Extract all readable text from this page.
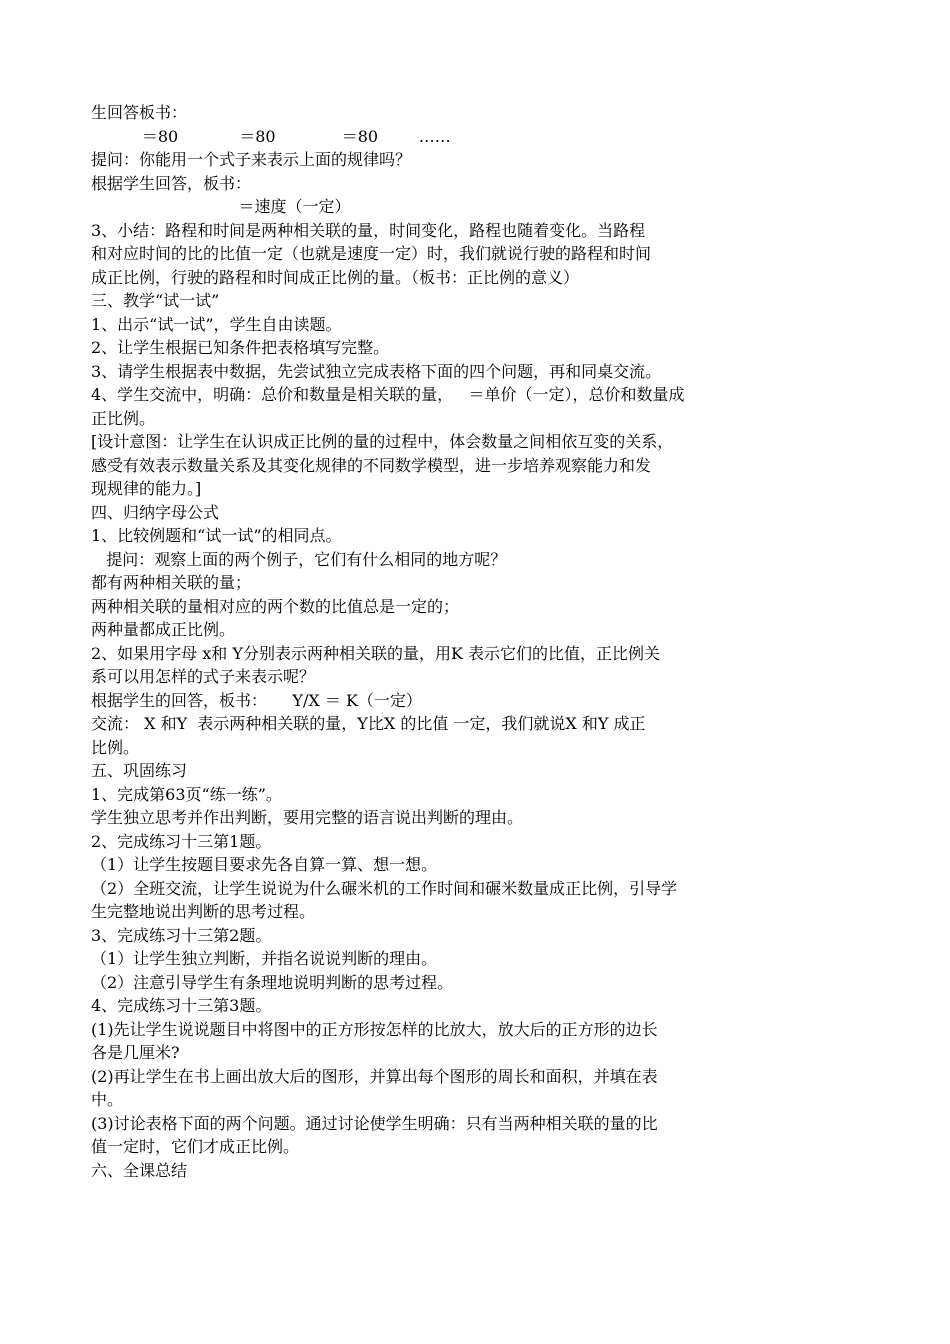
生回答板书：
＝80            ＝80             ＝80        ……
提问：你能用一个式子来表示上面的规律吗？
根据学生回答，板书：
＝速度（一定）
3、小结：路程和时间是两种相关联的量，时间变化，路程也随着变化。当路程
和对应时间的比的比值一定（也就是速度一定）时，我们就说行驶的路程和时间
成正比例，行驶的路程和时间成正比例的量。（板书：正比例的意义）
三、教学“试一试”
1、出示“试一试”，学生自由读题。
2、让学生根据已知条件把表格填写完整。
3、请学生根据表中数据，先尝试独立完成表格下面的四个问题，再和同桌交流。
4、学生交流中，明确：总价和数量是相关联的量，   ＝单价（一定），总价和数量成
正比例。
[设计意图：让学生在认识成正比例的量的过程中，体会数量之间相依互变的关系，
感受有效表示数量关系及其变化规律的不同数学模型，进一步培养观察能力和发
现规律的能力。]
四、归纳字母公式
1、比较例题和“试一试”的相同点。
提问：观察上面的两个例子，它们有什么相同的地方呢？
都有两种相关联的量；
两种相关联的量相对应的两个数的比值总是一定的；
两种量都成正比例。
2、如果用字母 x和 Y分别表示两种相关联的量，用K 表示它们的比值，正比例关
系可以用怎样的式子来表示呢？
根据学生的回答，板书：     Y/X ＝ K（一定）
交流： X 和Y  表示两种相关联的量，Y比X 的比值 一定，我们就说X 和Y 成正
比例。
五、巩固练习
1、完成第63页“练一练”。
学生独立思考并作出判断，要用完整的语言说出判断的理由。
2、完成练习十三第1题。
（1）让学生按题目要求先各自算一算、想一想。
（2）全班交流，让学生说说为什么碾米机的工作时间和碾米数量成正比例，引导学
生完整地说出判断的思考过程。
3、完成练习十三第2题。
（1）让学生独立判断，并指名说说判断的理由。
（2）注意引导学生有条理地说明判断的思考过程。
4、完成练习十三第3题。
(1)先让学生说说题目中将图中的正方形按怎样的比放大，放大后的正方形的边长
各是几厘米?
(2)再让学生在书上画出放大后的图形，并算出每个图形的周长和面积，并填在表
中。
(3)讨论表格下面的两个问题。通过讨论使学生明确：只有当两种相关联的量的比
值一定时，它们才成正比例。
六、全课总结
